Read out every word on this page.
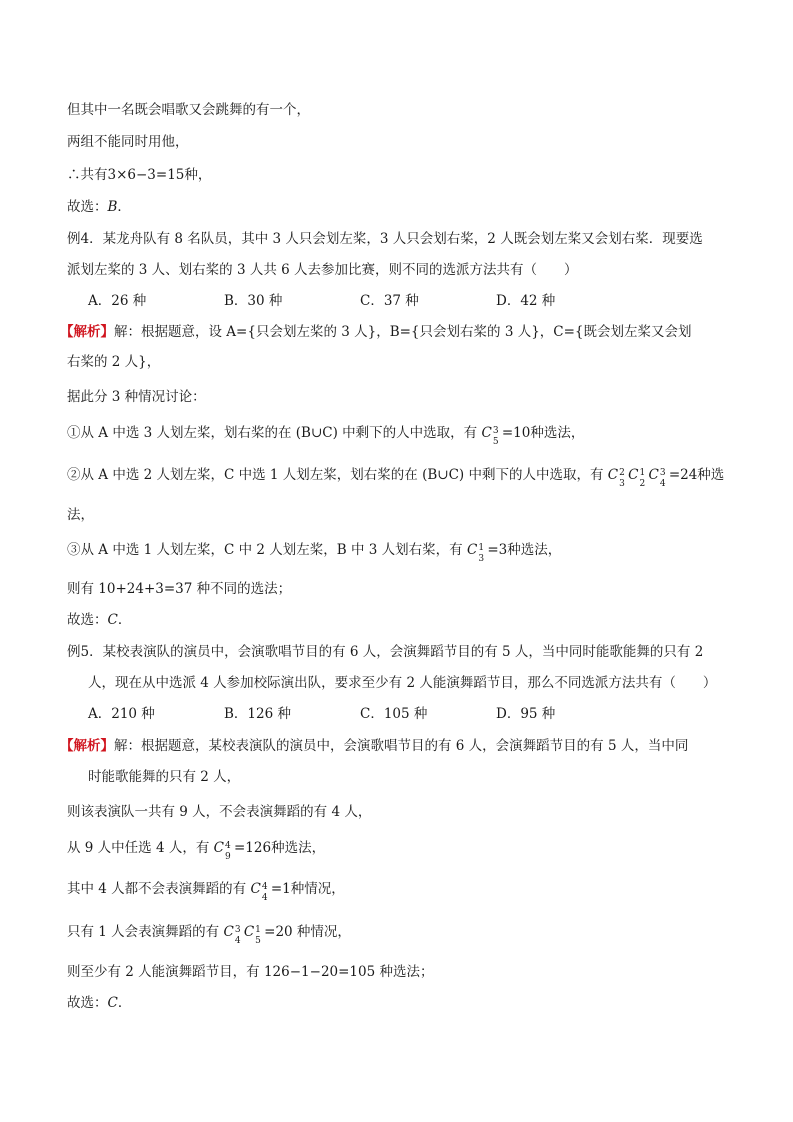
但其中一名既会唱歌又会跳舞的有一个，
两组不能同时用他，
∴共有3×6−3=15种，
故选：B．
例4．某龙舟队有 8 名队员，其中 3 人只会划左桨，3 人只会划右桨，2 人既会划左桨又会划右桨．现要选
派划左桨的 3 人、划右桨的 3 人共 6 人去参加比赛，则不同的选派方法共有（　　）
A．26 种	B．30 种	C．37 种	D．42 种
【解析】解：根据题意，设 A={只会划左桨的 3 人}，B={只会划右桨的 3 人}，C={既会划左桨又会划
右桨的 2 人}，
据此分 3 种情况讨论：
①从 A 中选 3 人划左桨，划右桨的在 (B∪C) 中剩下的人中选取，有 C 3
5
=10种选法，
②从 A 中选 2 人划左桨，C 中选 1 人划左桨，划右桨的在 (B∪C) 中剩下的人中选取，有 C 2
3
C 1
2
C 3
4
=24种选
法，
③从 A 中选 1 人划左桨，C 中 2 人划左桨，B 中 3 人划右桨，有 C 1
3
=3种选法，
则有 10+24+3=37 种不同的选法；
故选：C．
例5．某校表演队的演员中，会演歌唱节目的有 6 人，会演舞蹈节目的有 5 人，当中同时能歌能舞的只有 2
人，现在从中选派 4 人参加校际演出队，要求至少有 2 人能演舞蹈节目，那么不同选派方法共有（　　）
A．210 种	B．126 种	C．105 种	D．95 种
【解析】解：根据题意，某校表演队的演员中，会演歌唱节目的有 6 人，会演舞蹈节目的有 5 人，当中同
时能歌能舞的只有 2 人，
则该表演队一共有 9 人，不会表演舞蹈的有 4 人，
从 9 人中任选 4 人，有 C 4
9
=126种选法，
其中 4 人都不会表演舞蹈的有 C 4
4
=1种情况，
只有 1 人会表演舞蹈的有 C 3
4
C 1
5
=20 种情况，
则至少有 2 人能演舞蹈节目，有 126−1−20=105 种选法；
故选：C．
